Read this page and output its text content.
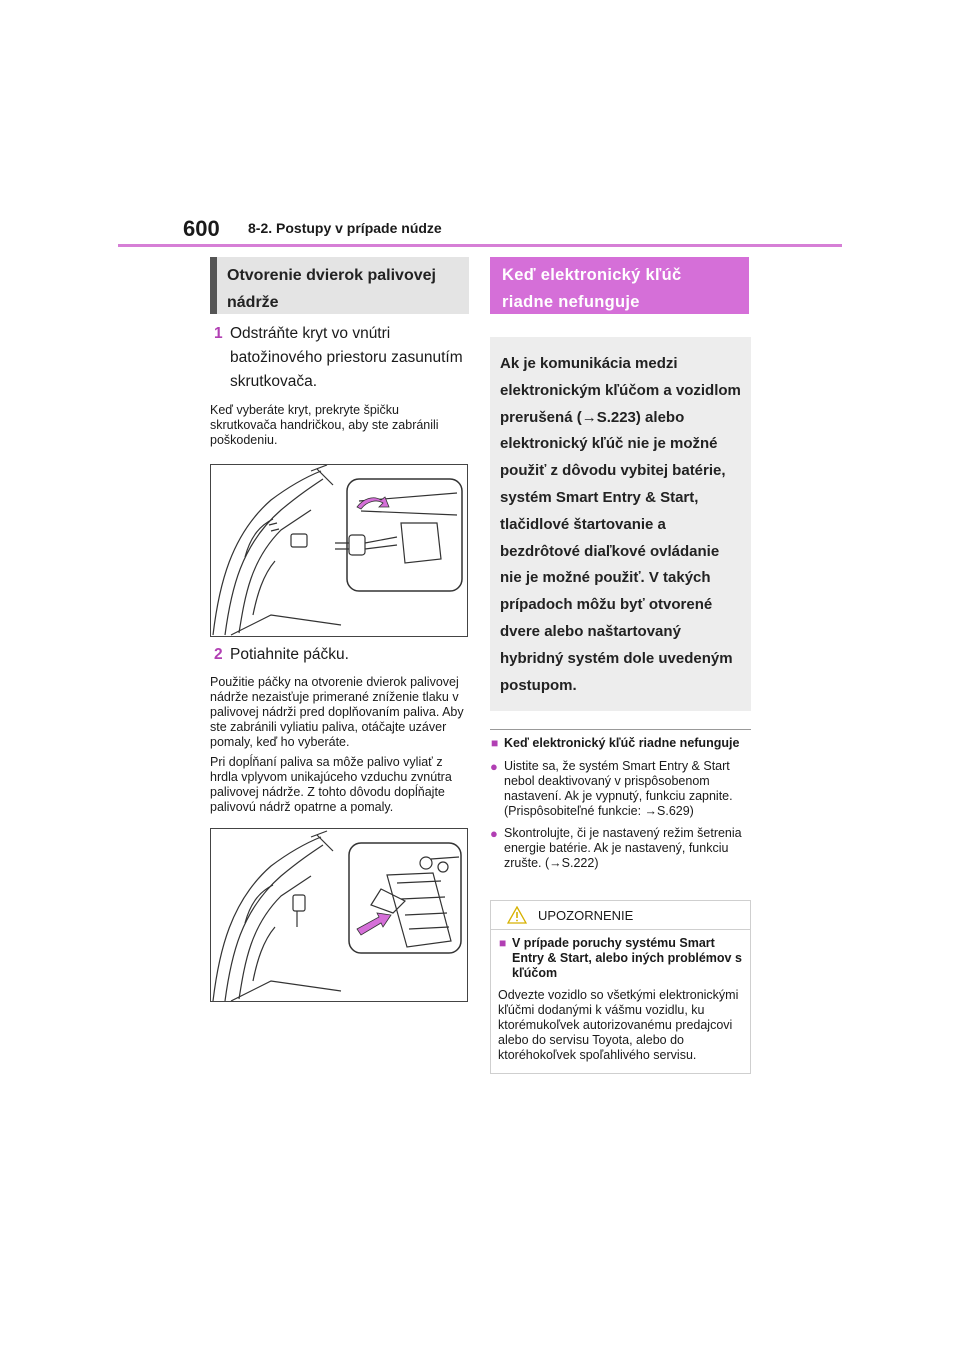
600 8-2. Postupy v prípade núdze
Otvorenie dvierok palivovej
nádrže
1 Odstráňte kryt vo vnútri batožinového priestoru zasunutím skrutkovača.
Keď vyberáte kryt, prekryte špičku skrutkovača handričkou, aby ste zabránili poškodeniu.
2 Potiahnite páčku.
Použitie páčky na otvorenie dvierok palivovej nádrže nezaisťuje primerané zníženie tlaku v palivovej nádrži pred doplňovaním paliva. Aby ste zabránili vyliatiu paliva, otáčajte uzáver pomaly, keď ho vyberáte.
Pri dopĺňaní paliva sa môže palivo vyliať z hrdla vplyvom unikajúceho vzduchu zvnútra palivovej nádrže. Z tohto dôvodu dopĺňajte palivovú nádrž opatrne a pomaly.
Keď elektronický kľúč
riadne nefunguje
Ak je komunikácia medzi elektronickým kľúčom a vozidlom prerušená (→S.223) alebo elektronický kľúč nie je možné použiť z dôvodu vybitej batérie, systém Smart Entry & Start, tlačidlové štartovanie a bezdrôtové diaľkové ovládanie nie je možné použiť. V takých prípadoch môžu byť otvorené dvere alebo naštartovaný hybridný systém dole uvedeným postupom.
■ Keď elektronický kľúč riadne nefunguje
● Uistite sa, že systém Smart Entry & Start nebol deaktivovaný v prispôsobenom nastavení. Ak je vypnutý, funkciu zapnite. (Prispôsobiteľné funkcie: →S.629)
● Skontrolujte, či je nastavený režim šetrenia energie batérie. Ak je nastavený, funkciu zrušte. (→S.222)
UPOZORNENIE
■ V prípade poruchy systému Smart Entry & Start, alebo iných problémov s kľúčom

Odvezte vozidlo so všetkými elektronickými kľúčmi dodanými k vášmu vozidlu, ku ktorémukoľvek autorizovanému predajcovi alebo do servisu Toyota, alebo do ktoréhokoľvek spoľahlivého servisu.
